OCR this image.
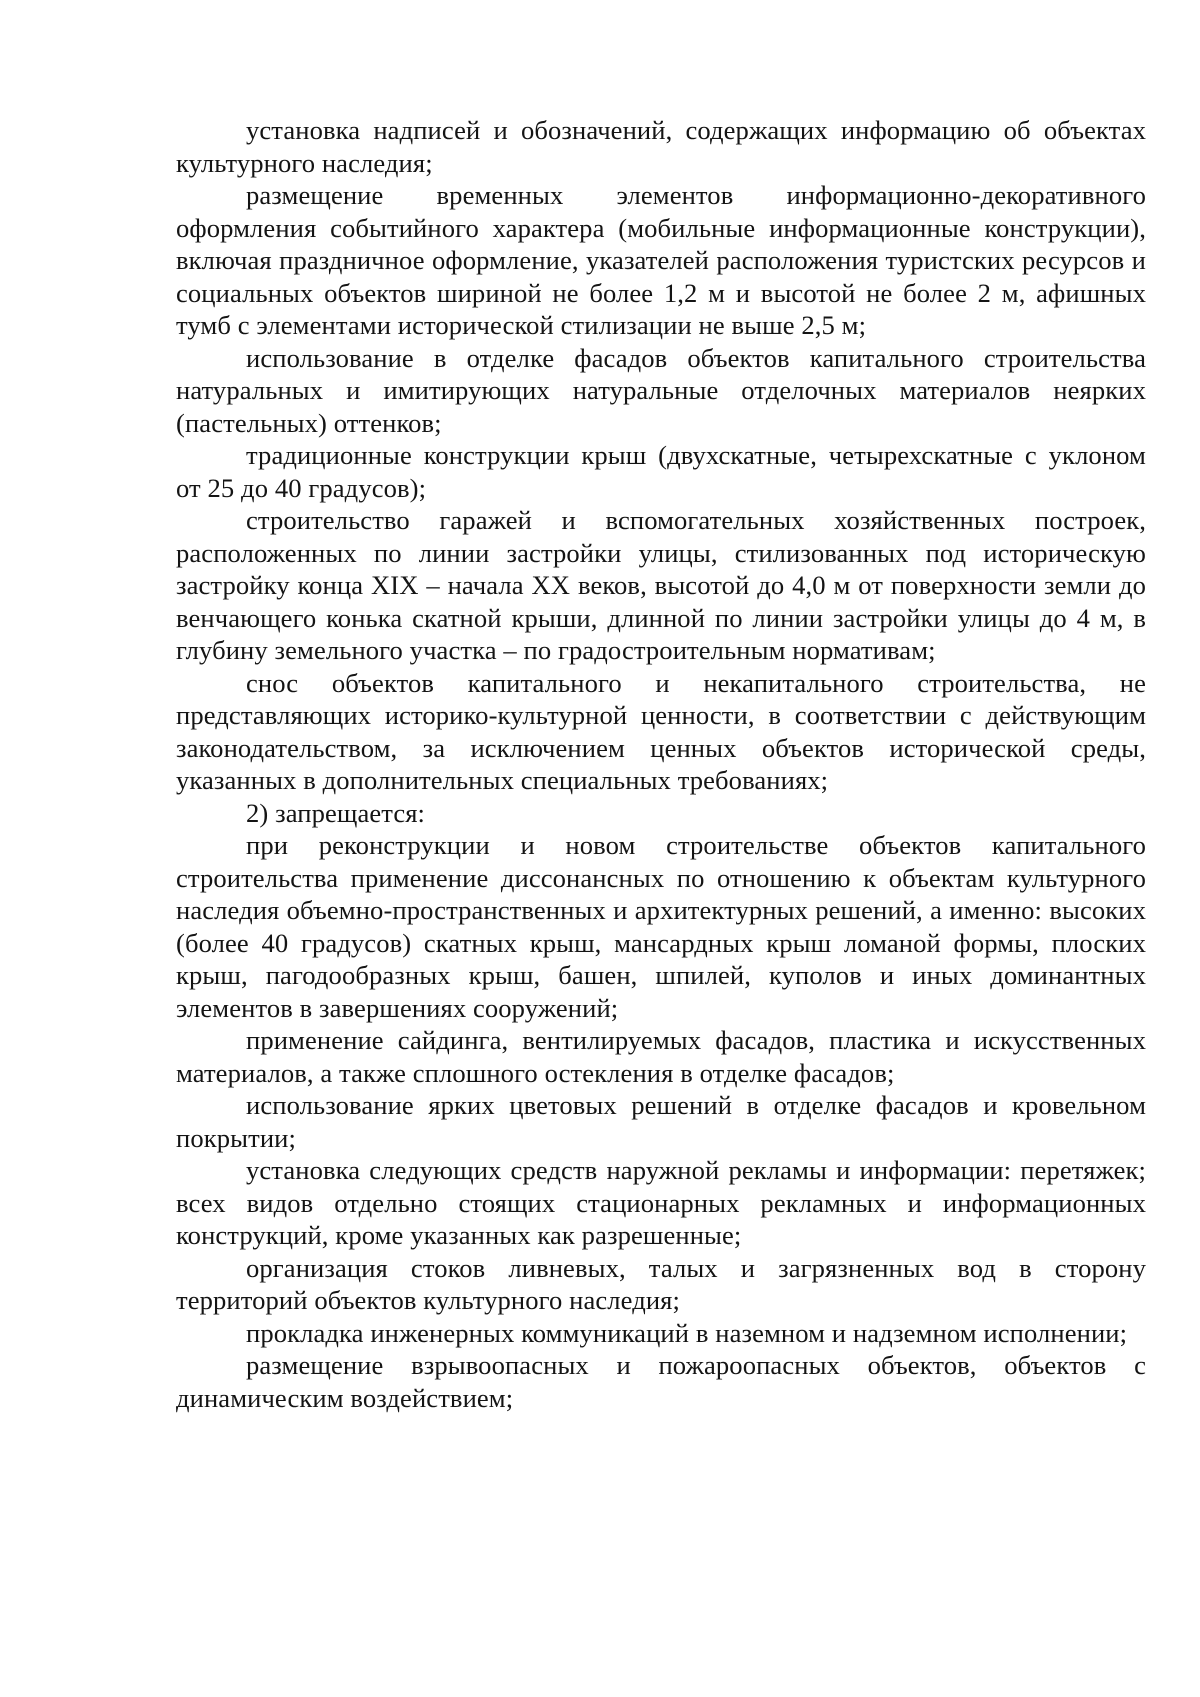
установка надписей и обозначений, содержащих информацию об объектах культурного наследия;

размещение временных элементов информационно-декоративного оформления событийного характера (мобильные информационные конструкции), включая праздничное оформление, указателей расположения туристских ресурсов и социальных объектов шириной не более 1,2 м и высотой не более 2 м, афишных тумб с элементами исторической стилизации не выше 2,5 м;

использование в отделке фасадов объектов капитального строительства натуральных и имитирующих натуральные отделочных материалов неярких (пастельных) оттенков;

традиционные конструкции крыш (двухскатные, четырехскатные с уклоном от 25 до 40 градусов);

строительство гаражей и вспомогательных хозяйственных построек, расположенных по линии застройки улицы, стилизованных под историческую застройку конца XIX – начала XX веков, высотой до 4,0 м от поверхности земли до венчающего конька скатной крыши, длинной по линии застройки улицы до 4 м, в глубину земельного участка – по градостроительным нормативам;

снос объектов капитального и некапитального строительства, не представляющих историко-культурной ценности, в соответствии с действующим законодательством, за исключением ценных объектов исторической среды, указанных в дополнительных специальных требованиях;

2) запрещается:

при реконструкции и новом строительстве объектов капитального строительства применение диссонансных по отношению к объектам культурного наследия объемно-пространственных и архитектурных решений, а именно: высоких (более 40 градусов) скатных крыш, мансардных крыш ломаной формы, плоских крыш, пагодообразных крыш, башен, шпилей, куполов и иных доминантных элементов в завершениях сооружений;

применение сайдинга, вентилируемых фасадов, пластика и искусственных материалов, а также сплошного остекления в отделке фасадов;

использование ярких цветовых решений в отделке фасадов и кровельном покрытии;

установка следующих средств наружной рекламы и информации: перетяжек; всех видов отдельно стоящих стационарных рекламных и информационных конструкций, кроме указанных как разрешенные;

организация стоков ливневых, талых и загрязненных вод в сторону территорий объектов культурного наследия;

прокладка инженерных коммуникаций в наземном и надземном исполнении;

размещение взрывоопасных и пожароопасных объектов, объектов с динамическим воздействием;
